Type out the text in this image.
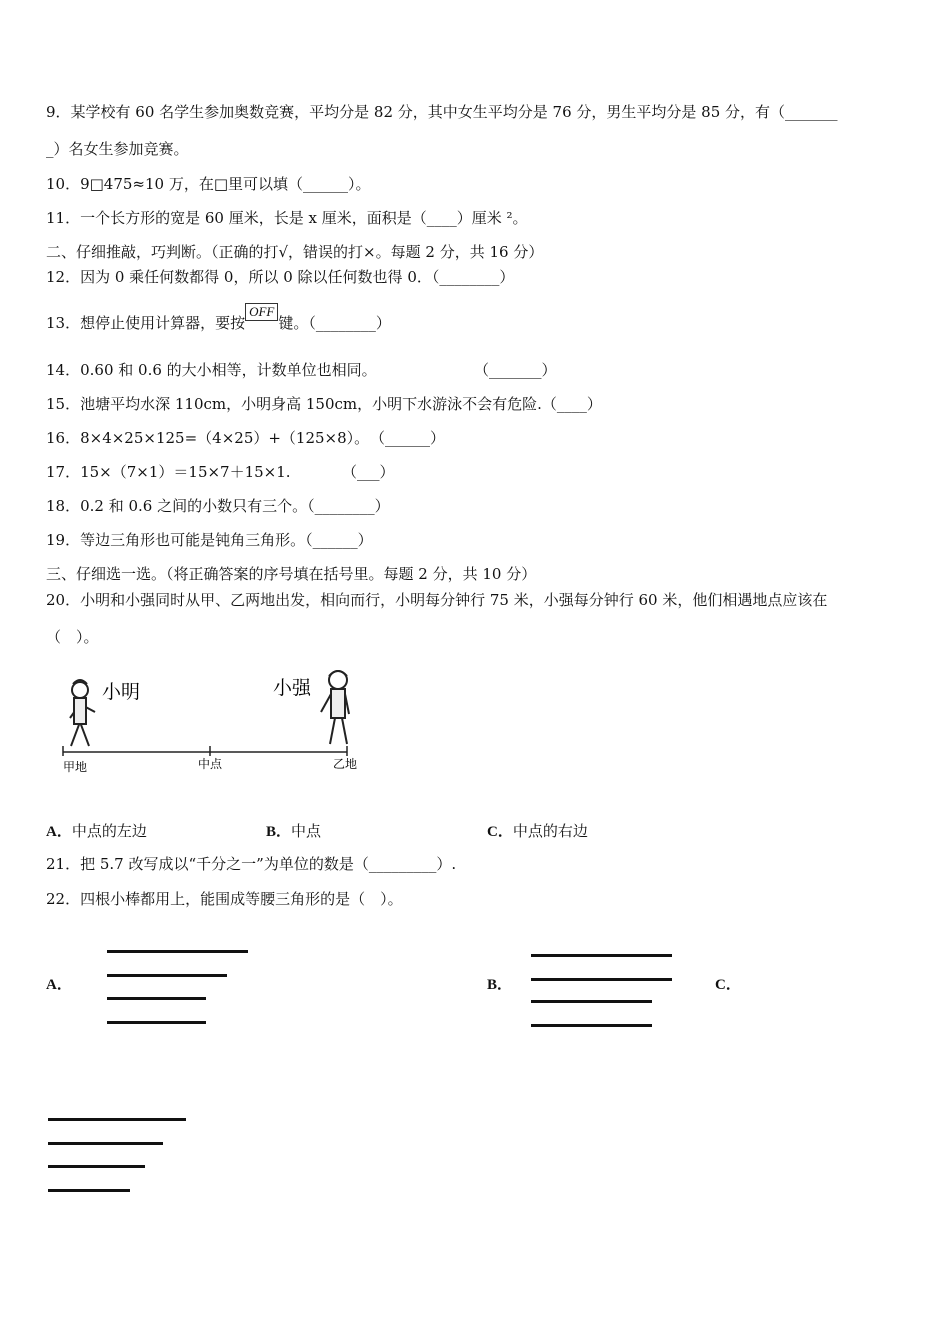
9．某学校有 60 名学生参加奥数竞赛，平均分是 82 分，其中女生平均分是 76 分，男生平均分是 85 分，有（_______
_）名女生参加竞赛。
10．9□475≈10 万，在□里可以填（______）。
11．一个长方形的宽是 60 厘米，长是 x 厘米，面积是（____）厘米 ²。
二、仔细推敲，巧判断。（正确的打√，错误的打×。每题 2 分，共 16 分）
12．因为 0 乘任何数都得 0，所以 0 除以任何数也得 0．（________）
13．想停止使用计算器，要按OFF键。（________）
14．0.60 和 0.6 的大小相等，计数单位也相同。	（_______）
15．池塘平均水深 110cm，小明身高 150cm，小明下水游泳不会有危险.（____）
16．8×4×25×125=（4×25）+（125×8）。 （______）
17．15×（7×1）＝15×7＋15×1.	（___）
18．0.2 和 0.6 之间的小数只有三个。（________）
19．等边三角形也可能是钝角三角形。（______）
三、仔细选一选。（将正确答案的序号填在括号里。每题 2 分，共 10 分）
20．小明和小强同时从甲、乙两地出发，相向而行，小明每分钟行 75 米，小强每分钟行 60 米，他们相遇地点应该在
（　）。
小明	小强
甲地	中点	乙地
A．中点的左边	B．中点	C．中点的右边
21．把 5.7 改写成以“千分之一”为单位的数是（_________）.
22．四根小棒都用上，能围成等腰三角形的是（　）。
A．	B．	C．
